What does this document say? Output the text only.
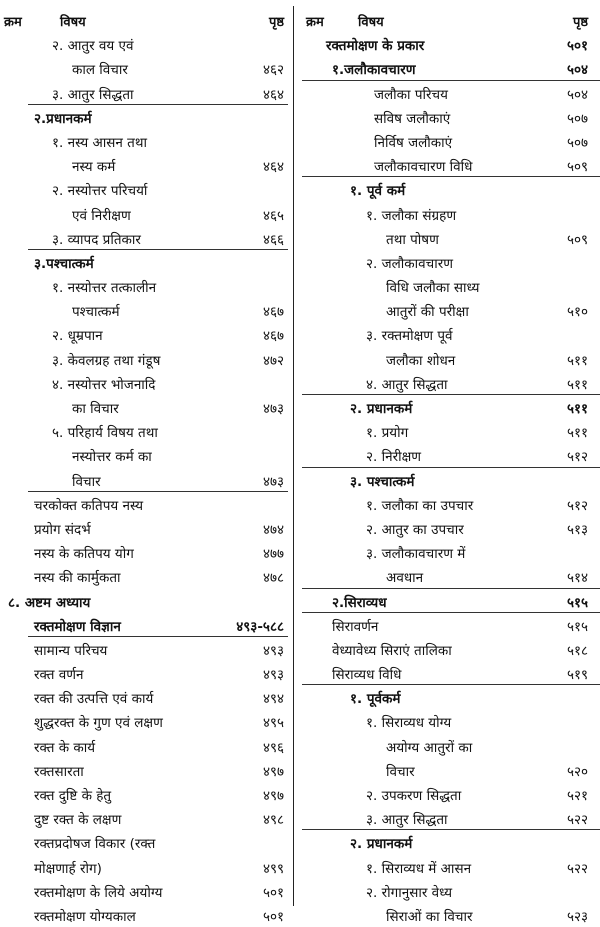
क्रम	विषय	पृष्ठ
२. आतुर वय एवं
काल विचार	४६२
३. आतुर सिद्धता	४६४
२.प्रधानकर्म
१. नस्य आसन तथा
नस्य कर्म	४६४
२. नस्योत्तर परिचर्या
एवं निरीक्षण	४६५
३. व्यापद प्रतिकार	४६६
३.पश्चात्कर्म
१. नस्योत्तर तत्कालीन
पश्चात्कर्म	४६७
२. धूम्रपान	४६७
३. केवलग्रह तथा गंडूष	४७२
४. नस्योत्तर भोजनादि
का विचार	४७३
५. परिहार्य विषय तथा
नस्योत्तर कर्म का
विचार	४७३
चरकोक्त कतिपय नस्य
प्रयोग संदर्भ	४७४
नस्य के कतिपय योग	४७७
नस्य की कार्मुकता	४७८
८. अष्टम अध्याय
रक्तमोक्षण विज्ञान	४९३-५८८
सामान्य परिचय	४९३
रक्त वर्णन	४९३
रक्त की उत्पत्ति एवं कार्य	४९४
शुद्धरक्त के गुण एवं लक्षण	४९५
रक्त के कार्य	४९६
रक्तसारता	४९७
रक्त दुष्टि के हेतु	४९७
दुष्ट रक्त के लक्षण	४९८
रक्तप्रदोषज विकार (रक्त
मोक्षणार्ह रोग)	४९९
रक्तमोक्षण के लिये अयोग्य	५०१
रक्तमोक्षण योग्यकाल	५०१
क्रम	विषय	पृष्ठ
रक्तमोक्षण के प्रकार	५०१
१.जलौकावचारण	५०४
जलौका परिचय	५०४
सविष जलौकाएं	५०७
निर्विष जलौकाएं	५०७
जलौकावचारण विधि	५०९
१. पूर्व कर्म
१. जलौका संग्रहण
तथा पोषण	५०९
२. जलौकावचारण
विधि जलौका साध्य
आतुरों की परीक्षा	५१०
३. रक्तमोक्षण पूर्व
जलौका शोधन	५११
४. आतुर सिद्धता	५११
२. प्रधानकर्म	५११
१. प्रयोग	५११
२. निरीक्षण	५१२
३. पश्चात्कर्म
१. जलौका का उपचार	५१२
२. आतुर का उपचार	५१३
३. जलौकावचारण में
अवधान	५१४
२.सिराव्यध	५१५
सिरावर्णन	५१५
वेध्यावेध्य सिराएं तालिका	५१८
सिराव्यध विधि	५१९
१. पूर्वकर्म
१. सिराव्यध योग्य
अयोग्य आतुरों का
विचार	५२०
२. उपकरण सिद्धता	५२१
३. आतुर सिद्धता	५२२
२. प्रधानकर्म
१. सिराव्यध में आसन	५२२
२. रोगानुसार वेध्य
सिराओं का विचार	५२३
